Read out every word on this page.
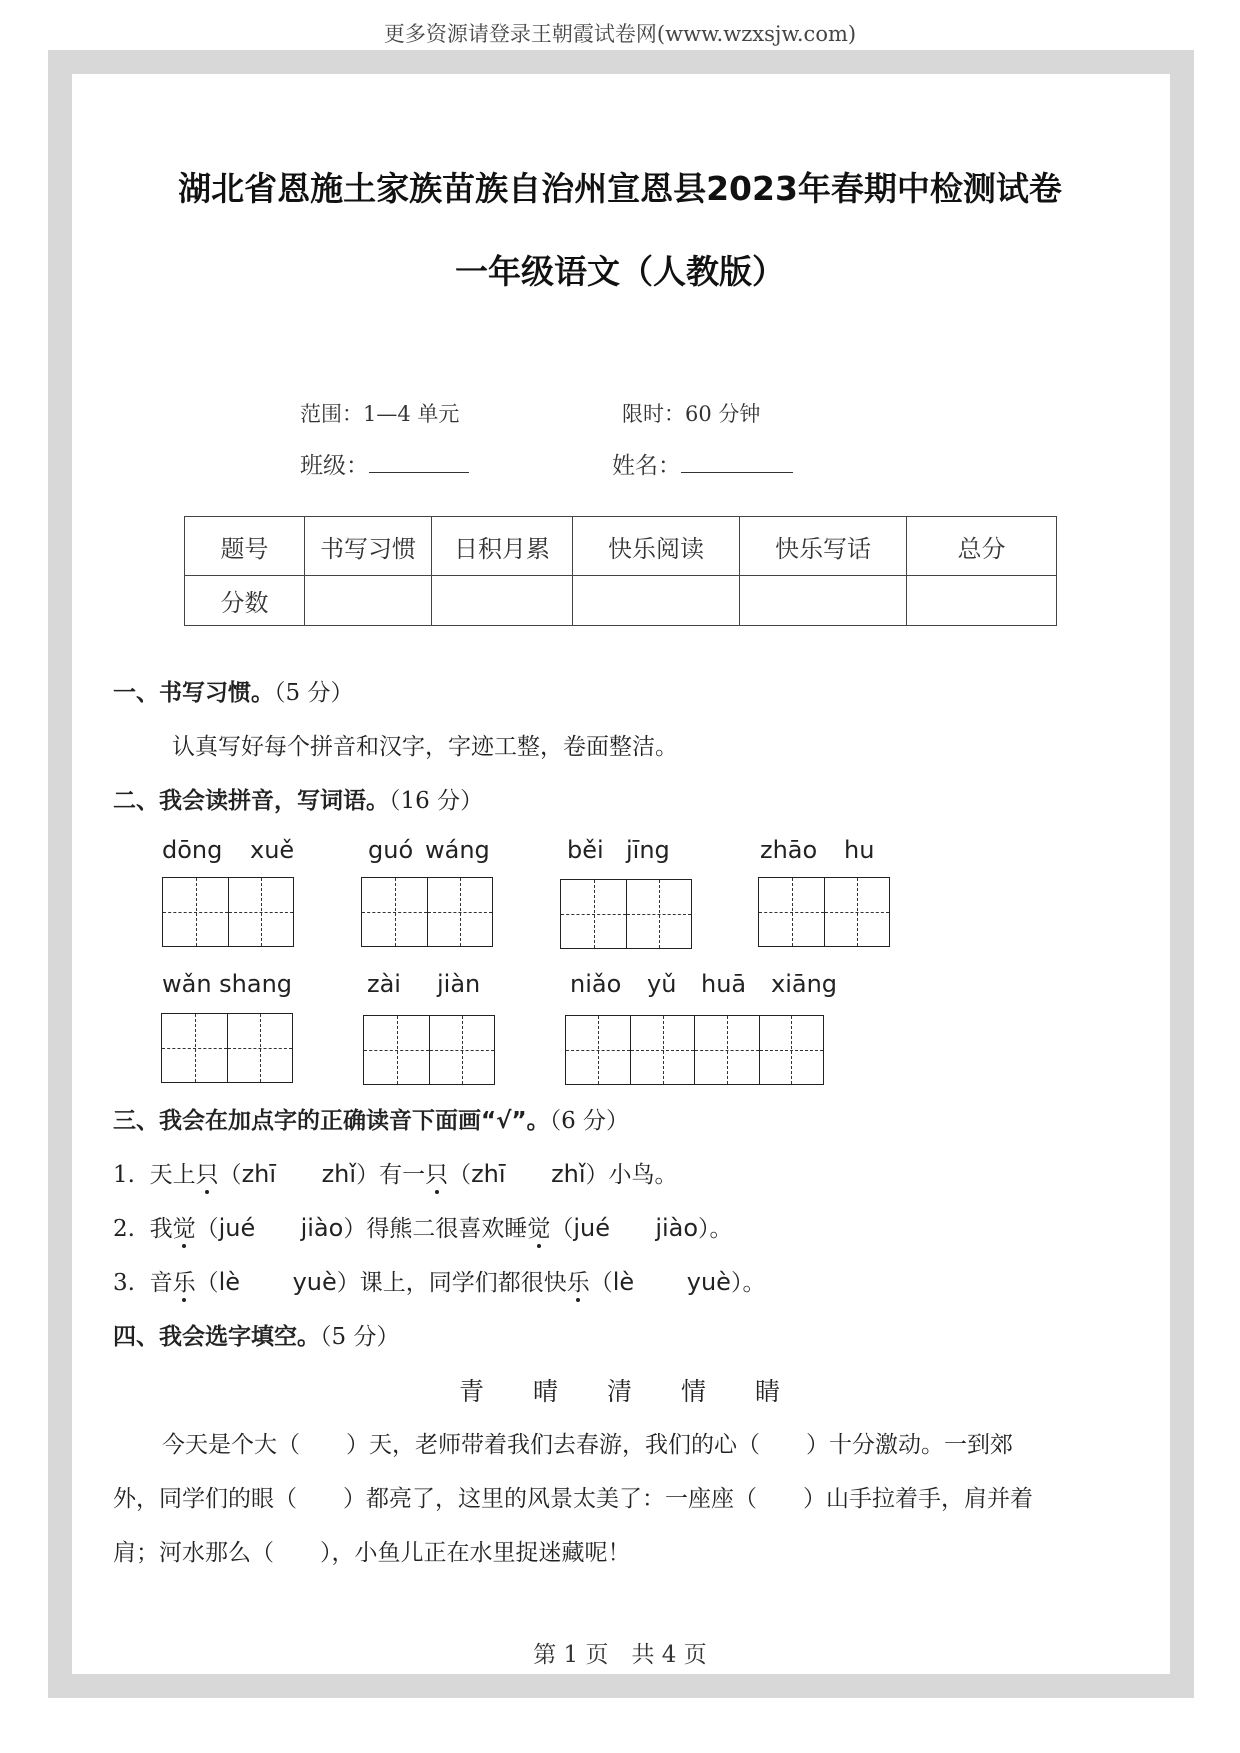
更多资源请登录王朝霞试卷网(www.wzxsjw.com)
湖北省恩施土家族苗族自治州宣恩县2023年春期中检测试卷
一年级语文（人教版）
范围：1—4 单元	限时：60 分钟
班级：	姓名：
题号	书写习惯	日积月累	快乐阅读	快乐写话	总分
分数					
一、书写习惯。（5 分）
认真写好每个拼音和汉字，字迹工整，卷面整洁。
二、我会读拼音，写词语。（16 分）
dōng xuě	guó wáng	běi jīng	zhāo hu
wǎn shang	zài jiàn	niǎo yǔ huā xiāng
三、我会在加点字的正确读音下面画“√”。（6 分）
1. 天上只（zhī zhǐ）有一只（zhī zhǐ）小鸟。
2. 我觉（jué jiào）得熊二很喜欢睡觉（jué jiào）。
3. 音乐（lè yuè）课上，同学们都很快乐（lè yuè）。
四、我会选字填空。（5 分）
青 晴 清 情 睛
今天是个大（　　）天，老师带着我们去春游，我们的心（　　）十分激动。一到郊
外，同学们的眼（　　）都亮了，这里的风景太美了：一座座（　　）山手拉着手，肩并着
肩；河水那么（　　），小鱼儿正在水里捉迷藏呢！
第 1 页　共 4 页
